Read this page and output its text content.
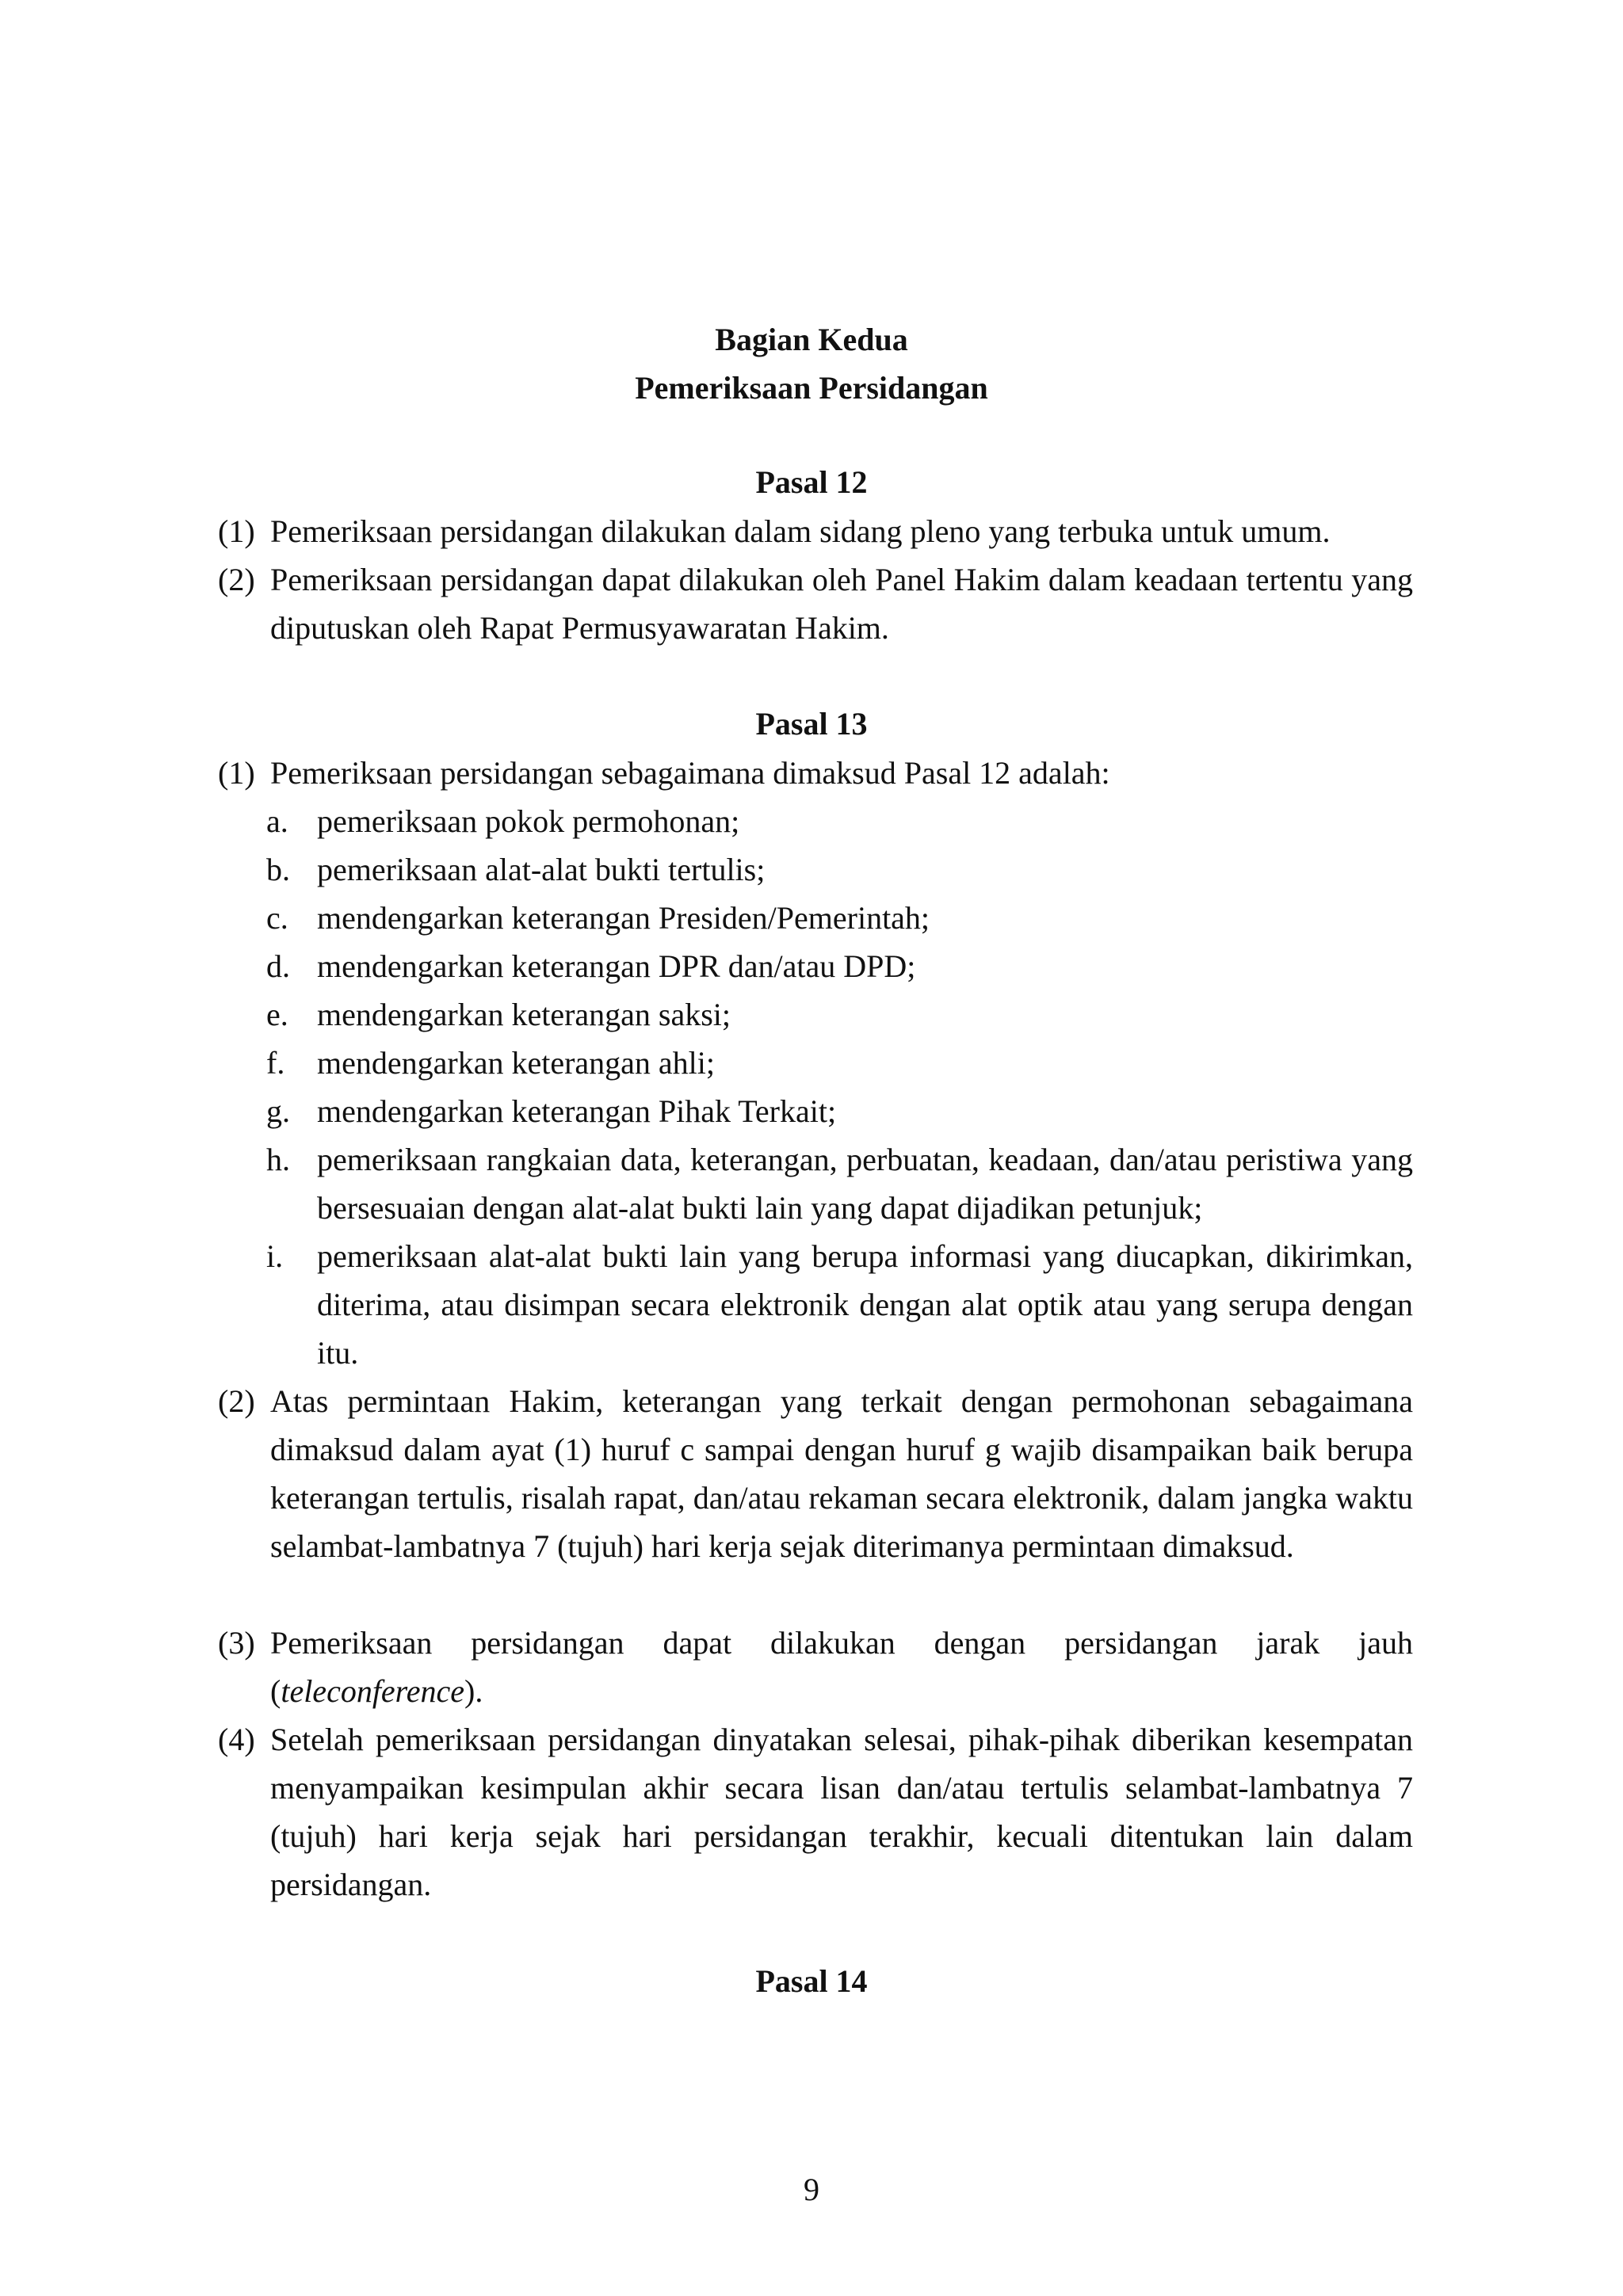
Bagian Kedua
Pemeriksaan Persidangan
Pasal 12
(1) Pemeriksaan persidangan dilakukan dalam sidang pleno yang terbuka untuk umum.
(2) Pemeriksaan persidangan dapat dilakukan oleh Panel Hakim dalam keadaan tertentu yang diputuskan oleh Rapat Permusyawaratan Hakim.
Pasal 13
(1) Pemeriksaan persidangan sebagaimana dimaksud Pasal 12 adalah:
a. pemeriksaan pokok permohonan;
b. pemeriksaan alat-alat bukti tertulis;
c. mendengarkan keterangan Presiden/Pemerintah;
d. mendengarkan keterangan DPR dan/atau DPD;
e. mendengarkan keterangan saksi;
f. mendengarkan keterangan ahli;
g. mendengarkan keterangan Pihak Terkait;
h. pemeriksaan rangkaian data, keterangan, perbuatan, keadaan, dan/atau peristiwa yang bersesuaian dengan alat-alat bukti lain yang dapat dijadikan petunjuk;
i. pemeriksaan alat-alat bukti lain yang berupa informasi yang diucapkan, dikirimkan, diterima, atau disimpan secara elektronik dengan alat optik atau yang serupa dengan itu.
(2) Atas permintaan Hakim, keterangan yang terkait dengan permohonan sebagaimana dimaksud dalam ayat (1) huruf c sampai dengan huruf g wajib disampaikan baik berupa keterangan tertulis, risalah rapat, dan/atau rekaman secara elektronik, dalam jangka waktu selambat-lambatnya 7 (tujuh) hari kerja sejak diterimanya permintaan dimaksud.
(3) Pemeriksaan persidangan dapat dilakukan dengan persidangan jarak jauh (teleconference).
(4) Setelah pemeriksaan persidangan dinyatakan selesai, pihak-pihak diberikan kesempatan menyampaikan kesimpulan akhir secara lisan dan/atau tertulis selambat-lambatnya 7 (tujuh) hari kerja sejak hari persidangan terakhir, kecuali ditentukan lain dalam persidangan.
Pasal 14
9
